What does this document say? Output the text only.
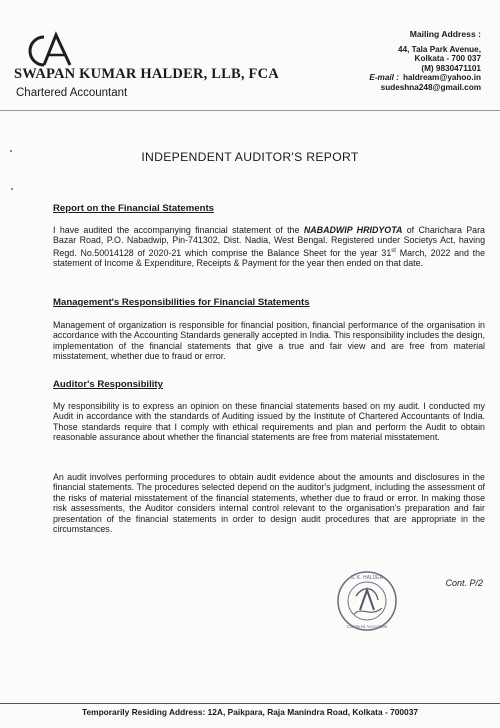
SWAPAN KUMAR HALDER, LLB, FCA
Chartered Accountant
Mailing Address :
44, Tala Park Avenue,
Kolkata - 700 037
(M) 9830471101
E-mail : haldream@yahoo.in
sudeshna248@gmail.com
INDEPENDENT AUDITOR'S REPORT
Report on the Financial Statements
I have audited the accompanying financial statement of the NABADWIP HRIDYOTA of Charichara Para Bazar Road, P.O. Nabadwip, Pin-741302, Dist. Nadia, West Bengal. Registered under Societys Act, having Regd. No.50014128 of 2020-21 which comprise the Balance Sheet for the year 31st March, 2022 and the statement of Income & Expenditure, Receipts & Payment for the year then ended on that date.
Management's Responsibilities for Financial Statements
Management of organization is responsible for financial position, financial performance of the organisation in accordance with the Accounting Standards generally accepted in India. This responsibility includes the design, implementation of the financial statements that give a true and fair view and are free from material misstatement, whether due to fraud or error.
Auditor's Responsibility
My responsibility is to express an opinion on these financial statements based on my audit. I conducted my Audit in accordance with the standards of Auditing issued by the Institute of Chartered Accountants of India. Those standards require that I comply with ethical requirements and plan and perform the Audit to obtain reasonable assurance about whether the financial statements are free from material misstatement.
An audit involves performing procedures to obtain audit evidence about the amounts and disclosures in the financial statements. The procedures selected depend on the auditor's judgment, including the assessment of the risks of material misstatement of the financial statements, whether due to fraud or error. In making those risk assessments, the Auditor considers internal control relevant to the organisation's preparation and fair presentation of the financial statements in order to design audit procedures that are appropriate in the circumstances.
Cont. P/2
S. K. HALDER
Chartered Accountant
Temporarily Residing Address: 12A, Paikpara, Raja Manindra Road, Kolkata - 700037
